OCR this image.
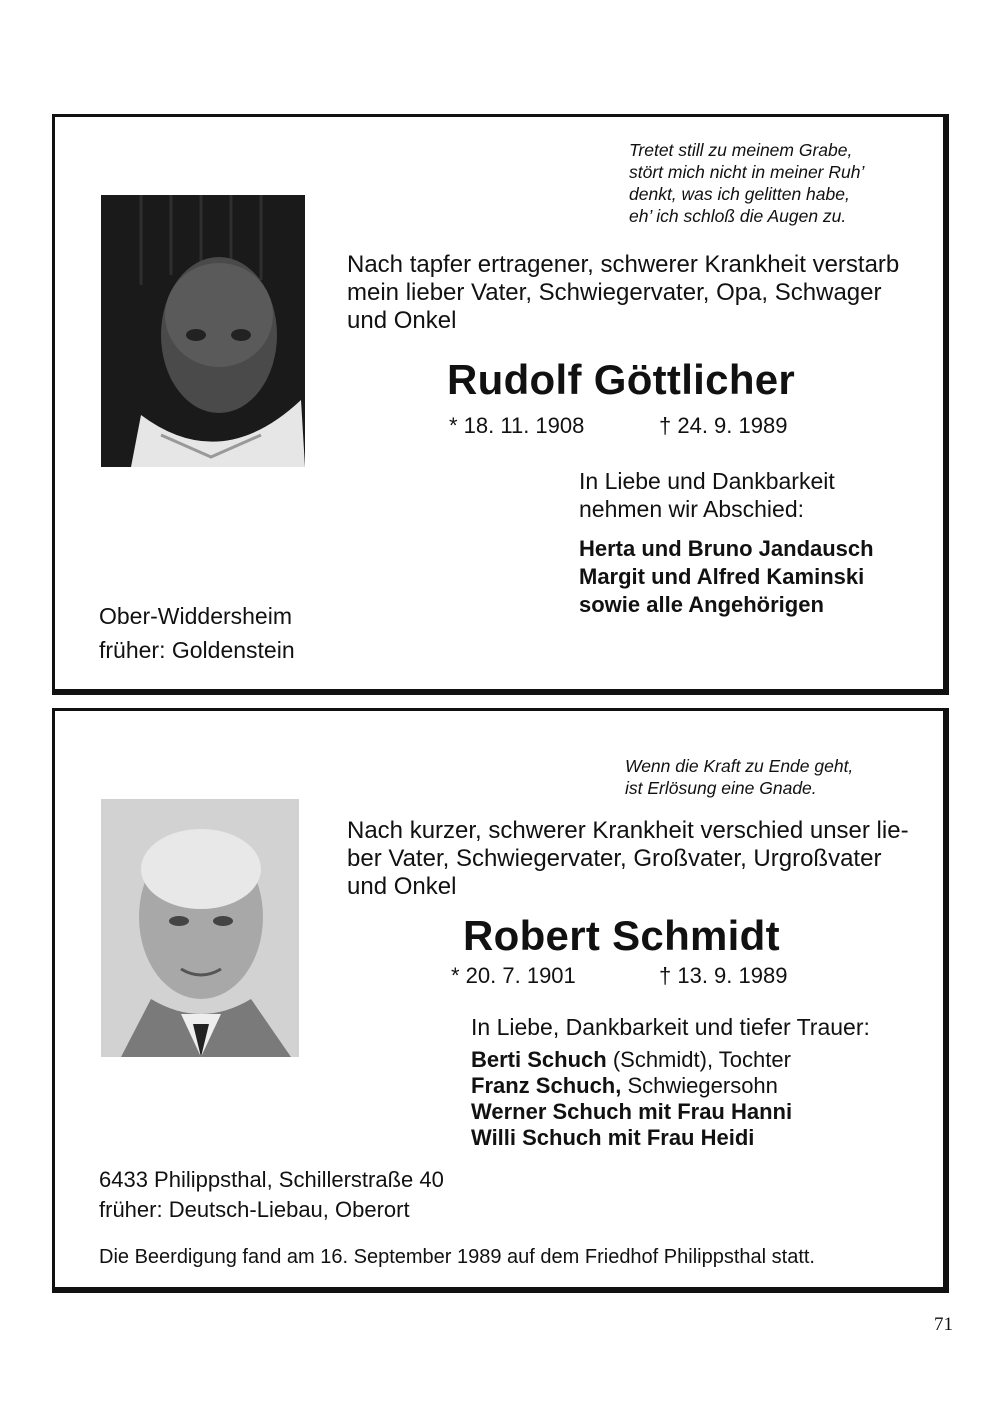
Tretet still zu meinem Grabe,
stört mich nicht in meiner Ruh’
denkt, was ich gelitten habe,
eh’ ich schloß die Augen zu.
Nach tapfer ertragener, schwerer Krankheit verstarb
mein lieber Vater, Schwiegervater, Opa, Schwager
und Onkel
Rudolf Göttlicher
* 18. 11. 1908	† 24. 9. 1989
In Liebe und Dankbarkeit
nehmen wir Abschied:
Herta und Bruno Jandausch
Margit und Alfred Kaminski
sowie alle Angehörigen
Ober-Widdersheim
früher: Goldenstein
Wenn die Kraft zu Ende geht,
ist Erlösung eine Gnade.
Nach kurzer, schwerer Krankheit verschied unser lie-
ber Vater, Schwiegervater, Großvater, Urgroßvater
und Onkel
Robert Schmidt
* 20. 7. 1901	† 13. 9. 1989
In Liebe, Dankbarkeit und tiefer Trauer:
Berti Schuch (Schmidt), Tochter
Franz Schuch, Schwiegersohn
Werner Schuch mit Frau Hanni
Willi Schuch mit Frau Heidi
6433 Philippsthal, Schillerstraße 40
früher: Deutsch-Liebau, Oberort
Die Beerdigung fand am 16. September 1989 auf dem Friedhof Philippsthal statt.
71
